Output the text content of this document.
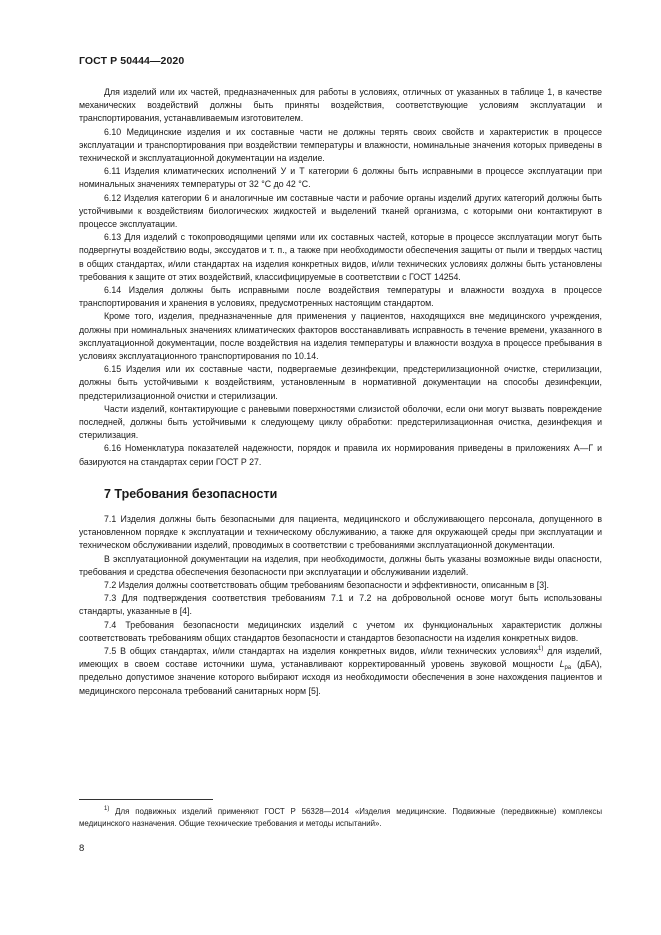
ГОСТ Р 50444—2020

Для изделий или их частей, предназначенных для работы в условиях, отличных от указанных в таблице 1, в качестве механических воздействий должны быть приняты воздействия, соответствующие условиям эксплуатации и транспортирования, устанавливаемым изготовителем.

6.10 Медицинские изделия и их составные части не должны терять своих свойств и характеристик в процессе эксплуатации и транспортирования при воздействии температуры и влажности, номинальные значения которых приведены в технической и эксплуатационной документации на изделие.

6.11 Изделия климатических исполнений У и Т категории 6 должны быть исправными в процессе эксплуатации при номинальных значениях температуры от 32 °С до 42 °С.

6.12 Изделия категории 6 и аналогичные им составные части и рабочие органы изделий других категорий должны быть устойчивыми к воздействиям биологических жидкостей и выделений тканей организма, с которыми они контактируют в процессе эксплуатации.

6.13 Для изделий с токопроводящими цепями или их составных частей, которые в процессе эксплуатации могут быть подвергнуты воздействию воды, экссудатов и т. п., а также при необходимости обеспечения защиты от пыли и твердых частиц в общих стандартах, и/или стандартах на изделия конкретных видов, и/или технических условиях должны быть установлены требования к защите от этих воздействий, классифицируемые в соответствии с ГОСТ 14254.

6.14 Изделия должны быть исправными после воздействия температуры и влажности воздуха в процессе транспортирования и хранения в условиях, предусмотренных настоящим стандартом.

Кроме того, изделия, предназначенные для применения у пациентов, находящихся вне медицинского учреждения, должны при номинальных значениях климатических факторов восстанавливать исправность в течение времени, указанного в эксплуатационной документации, после воздействия на изделия температуры и влажности воздуха в процессе пребывания в условиях эксплуатационного транспортирования по 10.14.

6.15 Изделия или их составные части, подвергаемые дезинфекции, предстерилизационной очистке, стерилизации, должны быть устойчивыми к воздействиям, установленным в нормативной документации на способы дезинфекции, предстерилизационной очистки и стерилизации.

Части изделий, контактирующие с раневыми поверхностями слизистой оболочки, если они могут вызвать повреждение последней, должны быть устойчивыми к следующему циклу обработки: предстерилизационная очистка, дезинфекция и стерилизация.

6.16 Номенклатура показателей надежности, порядок и правила их нормирования приведены в приложениях А—Г и базируются на стандартах серии ГОСТ Р 27.

7 Требования безопасности

7.1 Изделия должны быть безопасными для пациента, медицинского и обслуживающего персонала, допущенного в установленном порядке к эксплуатации и техническому обслуживанию, а также для окружающей среды при эксплуатации и техническом обслуживании изделий, проводимых в соответствии с требованиями эксплуатационной документации.

В эксплуатационной документации на изделия, при необходимости, должны быть указаны возможные виды опасности, требования и средства обеспечения безопасности при эксплуатации и обслуживании изделий.

7.2 Изделия должны соответствовать общим требованиям безопасности и эффективности, описанным в [3].

7.3 Для подтверждения соответствия требованиям 7.1 и 7.2 на добровольной основе могут быть использованы стандарты, указанные в [4].

7.4 Требования безопасности медицинских изделий с учетом их функциональных характеристик должны соответствовать требованиям общих стандартов безопасности и стандартов безопасности на изделия конкретных видов.

7.5 В общих стандартах, и/или стандартах на изделия конкретных видов, и/или технических условиях$^{1)}$ для изделий, имеющих в своем составе источники шума, устанавливают корректированный уровень звуковой мощности $L_{pa}$ (дБА), предельно допустимое значение которого выбирают исходя из необходимости обеспечения в зоне нахождения пациентов и медицинского персонала требований санитарных норм [5].

$^{1)}$ Для подвижных изделий применяют ГОСТ Р 56328—2014 «Изделия медицинские. Подвижные (передвижные) комплексы медицинского назначения. Общие технические требования и методы испытаний».

8
